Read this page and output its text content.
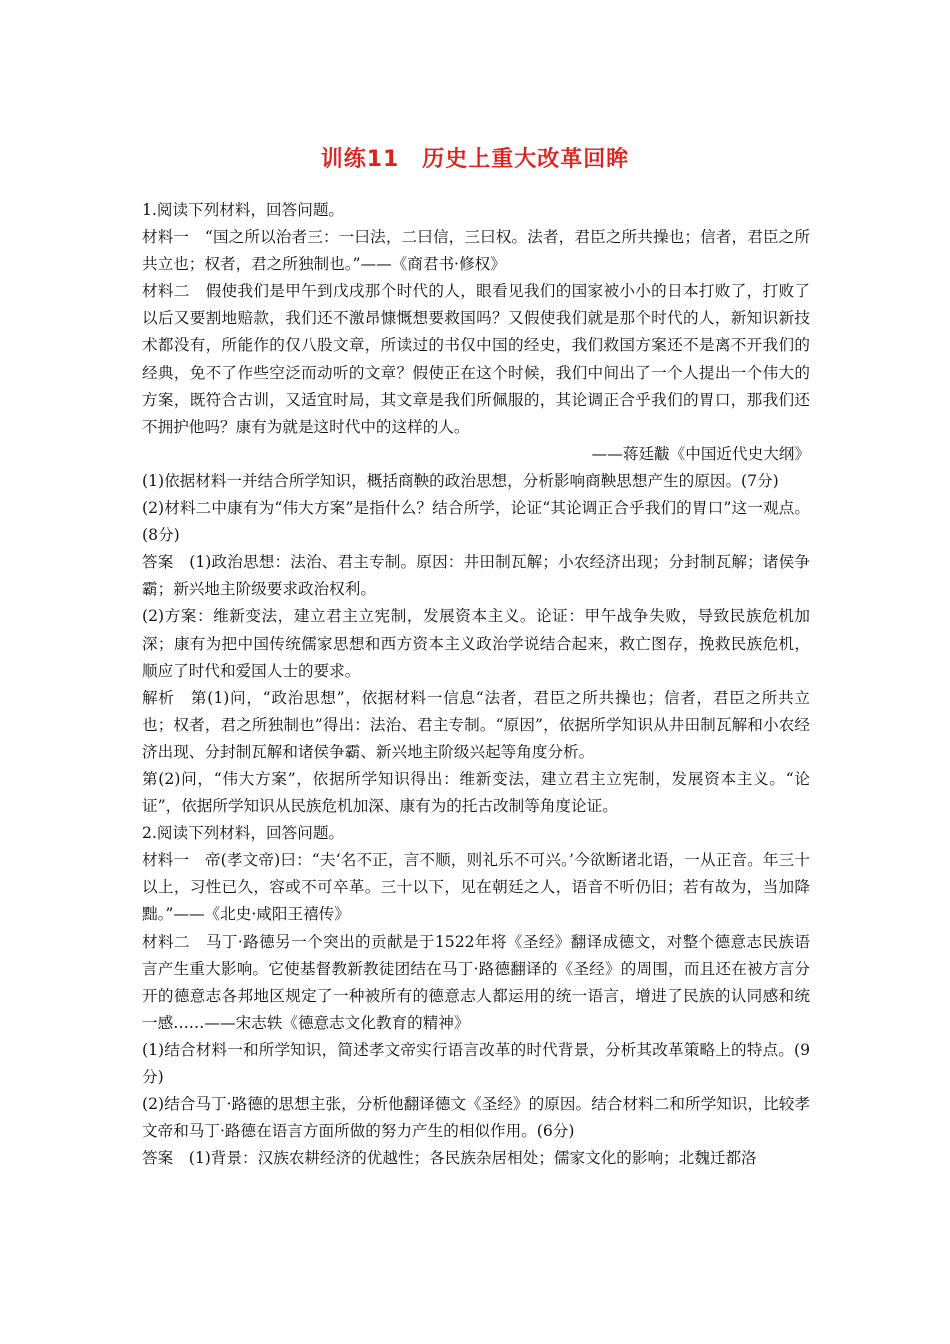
训练11　历史上重大改革回眸

1.阅读下列材料，回答问题。

材料一　“国之所以治者三：一曰法，二曰信，三曰权。法者，君臣之所共操也；信者，君臣之所共立也；权者，君之所独制也。”——《商君书·修权》

材料二　假使我们是甲午到戊戌那个时代的人，眼看见我们的国家被小小的日本打败了，打败了以后又要割地赔款，我们还不激昂慷慨想要救国吗？又假使我们就是那个时代的人，新知识新技术都没有，所能作的仅八股文章，所读过的书仅中国的经史，我们救国方案还不是离不开我们的经典，免不了作些空泛而动听的文章？假使正在这个时候，我们中间出了一个人提出一个伟大的方案，既符合古训，又适宜时局，其文章是我们所佩服的，其论调正合乎我们的胃口，那我们还不拥护他吗？康有为就是这时代中的这样的人。

——蒋廷黻《中国近代史大纲》

(1)依据材料一并结合所学知识，概括商鞅的政治思想，分析影响商鞅思想产生的原因。(7分)

(2)材料二中康有为“伟大方案”是指什么？结合所学，论证“其论调正合乎我们的胃口”这一观点。(8分)

答案　(1)政治思想：法治、君主专制。原因：井田制瓦解；小农经济出现；分封制瓦解；诸侯争霸；新兴地主阶级要求政治权利。

(2)方案：维新变法，建立君主立宪制，发展资本主义。论证：甲午战争失败，导致民族危机加深；康有为把中国传统儒家思想和西方资本主义政治学说结合起来，救亡图存，挽救民族危机，顺应了时代和爱国人士的要求。

解析　第(1)问，“政治思想”，依据材料一信息“法者，君臣之所共操也；信者，君臣之所共立也；权者，君之所独制也”得出：法治、君主专制。“原因”，依据所学知识从井田制瓦解和小农经济出现、分封制瓦解和诸侯争霸、新兴地主阶级兴起等角度分析。

第(2)问，“伟大方案”，依据所学知识得出：维新变法，建立君主立宪制，发展资本主义。“论证”，依据所学知识从民族危机加深、康有为的托古改制等角度论证。

2.阅读下列材料，回答问题。

材料一　帝(孝文帝)曰：“夫‘名不正，言不顺，则礼乐不可兴。’今欲断诸北语，一从正音。年三十以上，习性已久，容或不可卒革。三十以下，见在朝廷之人，语音不听仍旧；若有故为，当加降黜。”——《北史·咸阳王禧传》

材料二　马丁·路德另一个突出的贡献是于1522年将《圣经》翻译成德文，对整个德意志民族语言产生重大影响。它使基督教新教徒团结在马丁·路德翻译的《圣经》的周围，而且还在被方言分开的德意志各邦地区规定了一种被所有的德意志人都运用的统一语言，增进了民族的认同感和统一感……——宋志轶《德意志文化教育的精神》

(1)结合材料一和所学知识，简述孝文帝实行语言改革的时代背景，分析其改革策略上的特点。(9分)

(2)结合马丁·路德的思想主张，分析他翻译德文《圣经》的原因。结合材料二和所学知识，比较孝文帝和马丁·路德在语言方面所做的努力产生的相似作用。(6分)

答案　(1)背景：汉族农耕经济的优越性；各民族杂居相处；儒家文化的影响；北魏迁都洛
